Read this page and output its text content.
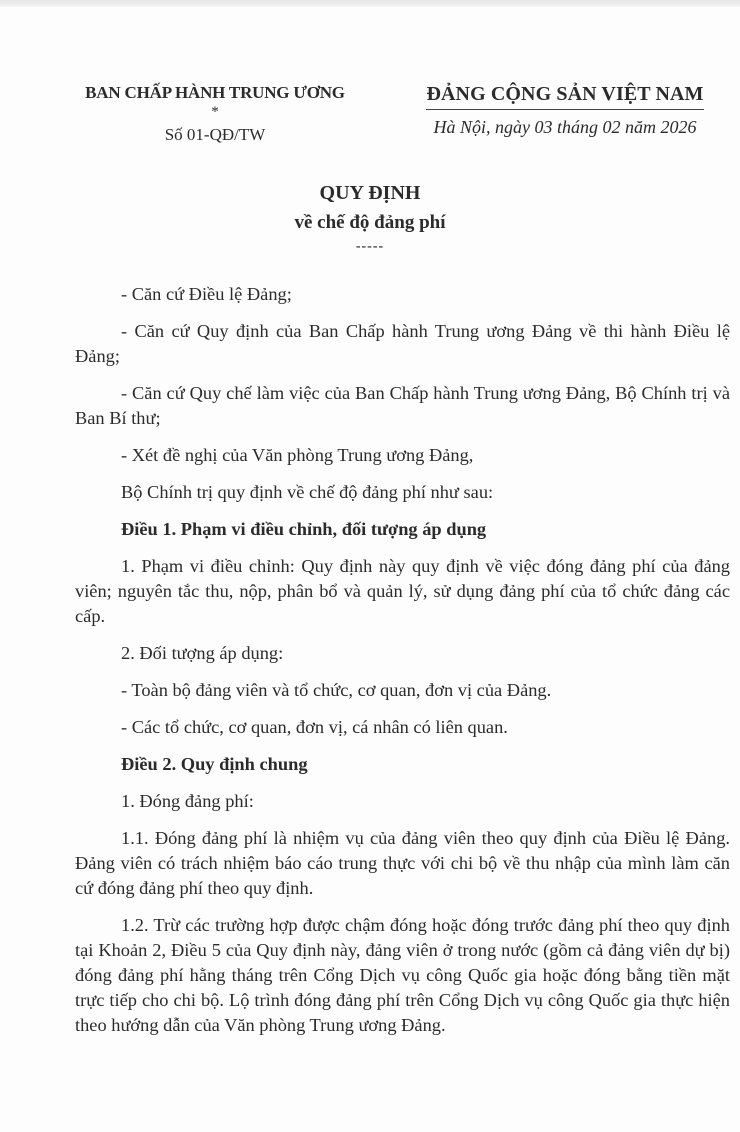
BAN CHẤP HÀNH TRUNG ƯƠNG
*
Số 01-QĐ/TW
ĐẢNG CỘNG SẢN VIỆT NAM
Hà Nội, ngày 03 tháng 02 năm 2026
QUY ĐỊNH
về chế độ đảng phí
-----

- Căn cứ Điều lệ Đảng;

- Căn cứ Quy định của Ban Chấp hành Trung ương Đảng về thi hành Điều lệ Đảng;

- Căn cứ Quy chế làm việc của Ban Chấp hành Trung ương Đảng, Bộ Chính trị và Ban Bí thư;

- Xét đề nghị của Văn phòng Trung ương Đảng,

Bộ Chính trị quy định về chế độ đảng phí như sau:

Điều 1. Phạm vi điều chỉnh, đối tượng áp dụng

1. Phạm vi điều chỉnh: Quy định này quy định về việc đóng đảng phí của đảng viên; nguyên tắc thu, nộp, phân bổ và quản lý, sử dụng đảng phí của tổ chức đảng các cấp.

2. Đối tượng áp dụng:

- Toàn bộ đảng viên và tổ chức, cơ quan, đơn vị của Đảng.

- Các tổ chức, cơ quan, đơn vị, cá nhân có liên quan.

Điều 2. Quy định chung

1. Đóng đảng phí:

1.1. Đóng đảng phí là nhiệm vụ của đảng viên theo quy định của Điều lệ Đảng. Đảng viên có trách nhiệm báo cáo trung thực với chi bộ về thu nhập của mình làm căn cứ đóng đảng phí theo quy định.

1.2. Trừ các trường hợp được chậm đóng hoặc đóng trước đảng phí theo quy định tại Khoản 2, Điều 5 của Quy định này, đảng viên ở trong nước (gồm cả đảng viên dự bị) đóng đảng phí hằng tháng trên Cổng Dịch vụ công Quốc gia hoặc đóng bằng tiền mặt trực tiếp cho chi bộ. Lộ trình đóng đảng phí trên Cổng Dịch vụ công Quốc gia thực hiện theo hướng dẫn của Văn phòng Trung ương Đảng.
